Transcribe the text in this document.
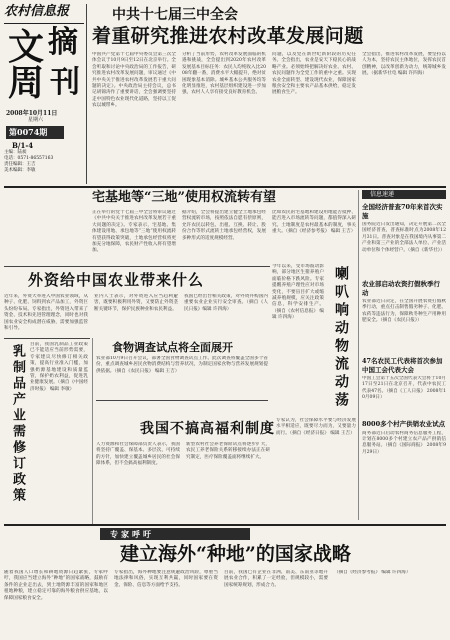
农村信息报
文 摘
周 刊
2008年10月11日
星期六
第0074期
B/1-4
主编：陆昶
电话：0571-86557163
责任编辑：王吉
美术编辑：李敏
中共十七届三中全会
着重研究推进农村改革发展问题
中国共产党第十七届中央委员会第三次全体会议于10月9日至12日在北京举行。全会听取和讨论中央政治局的工作报告，研究推进农村改革发展问题，审议通过《中共中央关于推进农村改革发展若干重大问题的决定》。中央政治局主持会议，总书记胡锦涛作了重要讲话，全会强调要坚持走中国特色农业现代化道路，坚持以工促农以城带乡。
分析了当前形势，农村改革发展面临的机遇和挑战，全会提出到2020年农村改革发展基本目标任务：农民人均纯收入比2008年翻一番，消费水平大幅提升，绝对贫困现象基本消除。城乡基本公共服务均等化明显推进，农村基层组织建设进一步加强，农村人人享有接受良好教育机会。
问题，以及党在新世纪新阶段的历史任务。全会指出，农业是安天下稳民心的战略产业。必须始终把解决好农业、农村、农民问题作为全党工作的重中之重。实现农业全面转型、建设现代农业，保障国家粮食安全和主要农产品基本供给，稳定发展粮食生产。
全会指出，推进农村改革发展，要坚持以人为本，坚持农民主体地位，发挥农民首创精神，以改革创新为动力，统筹城乡发展。（据新华社电 编辑 许四海）
宅基地等“三地”使用权流转有望
正在举行的党十七届三中全会将审议通过《中共中央关于推进农村改革发展若干重大问题的决定》。专家表示，宅基地、集体建设用地、承包地等“三地”使用权流转有望获得政策突破，土地承包经营权将更加充分地保障，农民财产性收入将有望增加。
据介绍，全会将提出建立健全土地承包经营权流转市场，按照依法自愿有偿原则，允许农民以转包、出租、互换、转让、股份合作等形式流转土地承包经营权，发展多种形式的适度规模经营。
比如农民的宅基地和建设用地能否抵押、能否进入市场流转等问题，都值得深入研究。土地制度是农村最基本的制度，事关重大。（摘自《经济参考报》 编辑 王吉）
信息速递
全国经济普查70年来首次实施
国务院近日发出通知，决定开展第二次全国经济普查，普查标准时点为2008年12月31日。普查对象是在我国境内从事第二产业和第三产业的全部法人单位、产业活动单位和个体经营户。（摘自《新华社》）
农业部启动农资打假秋季行动
农业部近日决定，在全国开展农资打假秋季行动，重点打击制售假劣种子、化肥、农药等违法行为，保障秋冬种生产用种用肥安全。（摘自《农民日报》）
47名农民工代表将首次参加中国工会代表大会
中国工会第十五次全国代表大会将于10月17日至21日在北京召开，代表中农民工代表47名。（摘自《工人日报》 2008年10月09日）
8000多个村产供销农业试点
商务部近日启动农村商务信息服务工程，计划在8000多个村建立农产品产供销信息服务站。（摘自《国际商报》 2008年9月29日）
今年以来，受市场波动影响，部分地区生猪养殖户面临价格下跌风险。专家提醒养殖户理性应对市场变化，不要盲目扩大或缩减养殖规模，应关注政策信息，科学安排生产。（摘自《农村信息报》 编辑 许四海）	喇叭响动物流动荡
外资给中国农业带来什么
近年来，外资大举进入中国农业领域，从种子、化肥、饲料到农产品加工，外资巨头纷纷布局。专家指出，外资进入带来了资金、技术和先进管理理念，同时也对我国农业安全构成潜在威胁，需要加强监管和引导。
业内人士表示，对外资进入应当趋利避害，既要积极利用外资，又要防止外资垄断关键环节，保护民族种业和农民利益。
我国已经出台相关政策，对外资并购国内重要农业企业实行安全审查。（摘自《人民日报》编辑 许四海）
乳制品产业需修订政策	目前，我国乳制品工业政策已不能适应当前形势需要，专家建议尽快修订相关政策，提高行业准入门槛，加强奶源基地建设和质量监管，保护奶农利益，促进乳业健康发展。（摘自《中国经济时报》 编辑 李敏）
食物调查试点将全面展开
农业部10月9日召开会议，部署全国食物调查试点工作。此次调查将覆盖全国多个省份，重点调查城乡居民食物消费结构与营养状况，为制定国家食物与营养发展规划提供依据。（摘自《农民日报》 编辑 王吉）
我国不搞高福利制度
人力资源和社会保障部负责人表示，我国将坚持广覆盖、保基本、多层次、可持续的方针，加快建立覆盖城乡居民的社会保障体系，但不会搞高福利制度。
新型农村社会养老保险试点将逐步扩大，农民工养老保险关系转移接续办法正在研究制定，医疗保险覆盖面将继续扩大。
专家认为，社会保障水平要与经济发展水平相适应，既要尽力而为，又要量力而行。（摘自《经济日报》 编辑 王吉）
专家呼吁
建立海外“种地”的国家战略
随着我国人口增长和耕地资源日趋紧张，专家呼吁，我国应当建立海外“种地”的国家战略，鼓励有条件的企业走出去，到土地资源丰富的国家和地区租地种粮，建立稳定可靠的海外粮食供应基地，以保障国家粮食安全。
专家指出，海外种地要注意规避政治风险，尊重当地法律和风俗，实现互利共赢，同时国家要在资金、保险、信息等方面给予支持。
目前，我国已有企业在非洲、南美、东南亚等地开展农业合作，积累了一定经验，但规模较小，需要国家统筹规划，形成合力。
（摘自《经济参考报》 编辑 许四海）
